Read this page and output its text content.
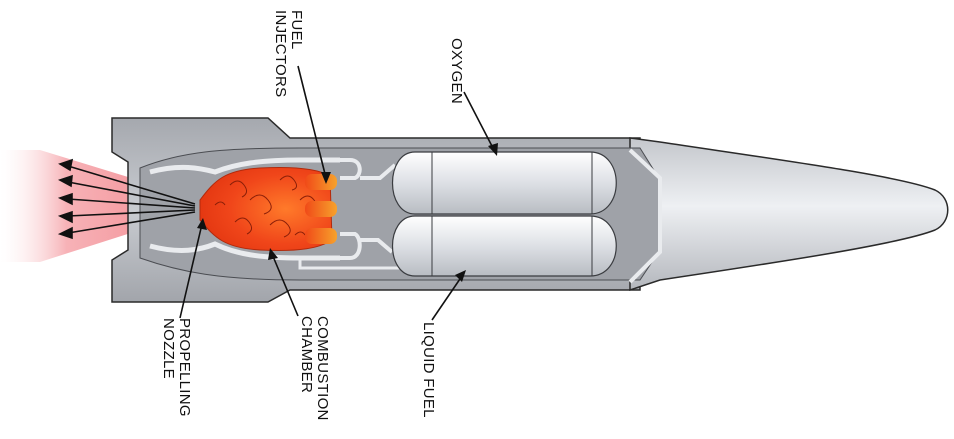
FUEL
INJECTORS	OXYGEN
PROPELLING
NOZZLE	COMBUSTION
CHAMBER	LIQUID FUEL
